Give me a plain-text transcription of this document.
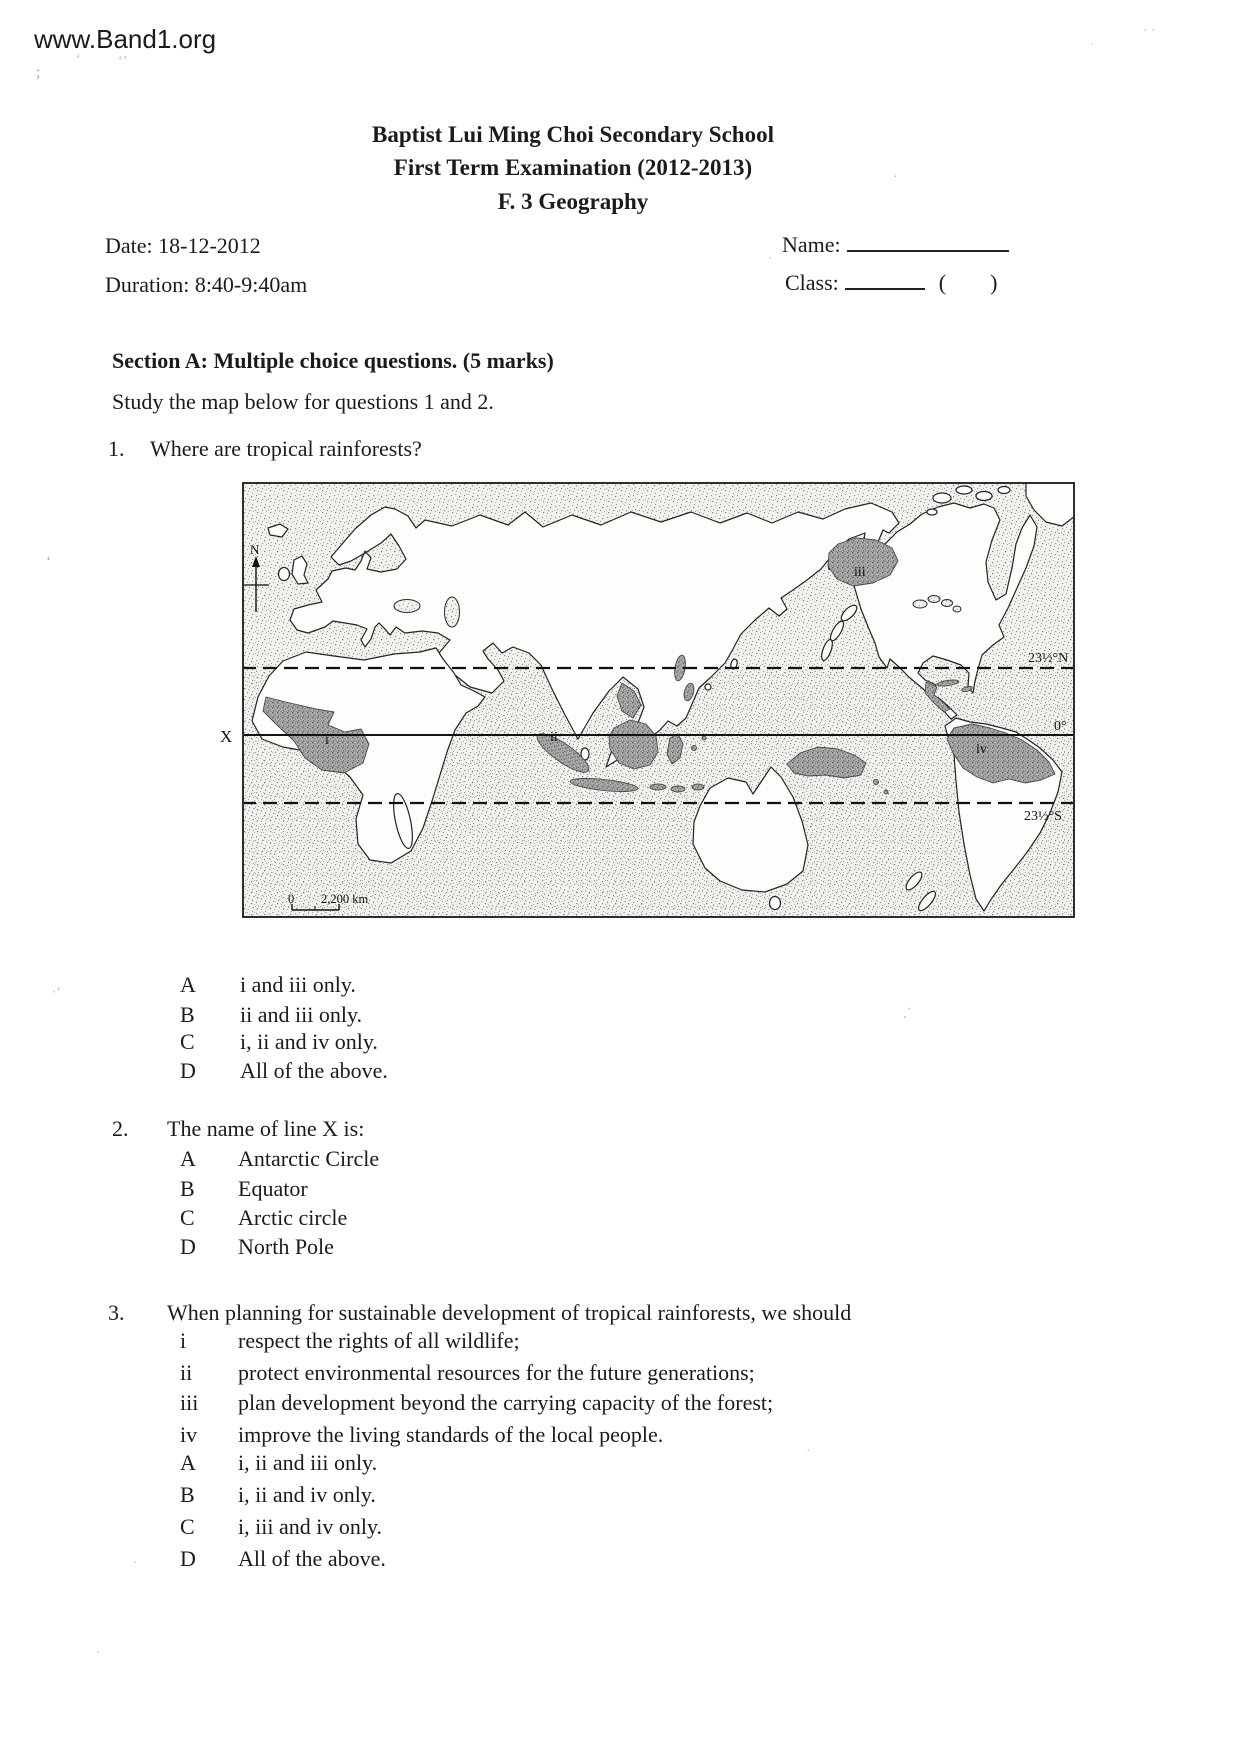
www.Band1.org
Baptist Lui Ming Choi Secondary School
First Term Examination (2012-2013)
F. 3 Geography
Date: 18-12-2012
Duration: 8:40-9:40am
Name:
Class:	( )
Section A: Multiple choice questions. (5 marks)
Study the map below for questions 1 and 2.
1. Where are tropical rainforests?
23½°N
0°
23½°S
i	ii
iii
iv
X
N
0 2,200 km
A i and iii only.
B ii and iii only.
C i, ii and iv only.
D All of the above.
2. The name of line X is:
A Antarctic Circle
B Equator
C Arctic circle
D North Pole
3. When planning for sustainable development of tropical rainforests, we should
i respect the rights of all wildlife;
ii protect environmental resources for the future generations;
iii plan development beyond the carrying capacity of the forest;
iv improve the living standards of the local people.
A i, ii and iii only.
B i, ii and iv only.
C i, iii and iv only.
D All of the above.
;
‘	‘’
‘
·’
.´
· ·
·
·
·
·
.
·
